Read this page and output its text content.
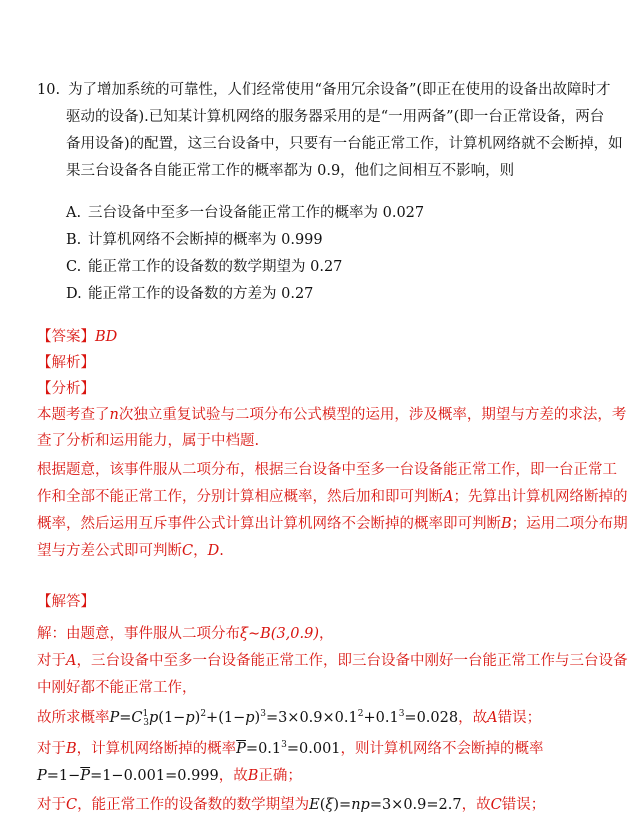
10. 为了增加系统的可靠性，人们经常使用“备用冗余设备”(即正在使用的设备出故障时才
驱动的设备).已知某计算机网络的服务器采用的是“一用两备”(即一台正常设备，两台
备用设备)的配置，这三台设备中，只要有一台能正常工作，计算机网络就不会断掉，如
果三台设备各自能正常工作的概率都为 0.9，他们之间相互不影响，则
A. 三台设备中至多一台设备能正常工作的概率为 0.027
B. 计算机网络不会断掉的概率为 0.999
C. 能正常工作的设备数的数学期望为 0.27
D. 能正常工作的设备数的方差为 0.27
【答案】BD
【解析】
【分析】
本题考查了n次独立重复试验与二项分布公式模型的运用，涉及概率，期望与方差的求法，考
查了分析和运用能力，属于中档题.
根据题意，该事件服从二项分布，根据三台设备中至多一台设备能正常工作，即一台正常工
作和全部不能正常工作，分别计算相应概率，然后加和即可判断A；先算出计算机网络断掉的
概率，然后运用互斥事件公式计算出计算机网络不会断掉的概率即可判断B；运用二项分布期
望与方差公式即可判断C，D.
【解答】
解：由题意，事件服从二项分布ξ∼B(3,0.9)，
对于A，三台设备中至多一台设备能正常工作，即三台设备中刚好一台能正常工作与三台设备
中刚好都不能正常工作，
故所求概率$P=C^1_3p(1-p)^2+(1-p)^3=3\times 0.9\times 0.1^2+0.1^3=0.028$，故A错误；
对于B，计算机网络断掉的概率$\overline{P}=0.1^3=0.001$，则计算机网络不会断掉的概率
$P=1-\overline{P}=1-0.001=0.999$，故B正确；
对于C，能正常工作的设备数的数学期望为E(ξ)=np=3×0.9=2.7，故C错误；
